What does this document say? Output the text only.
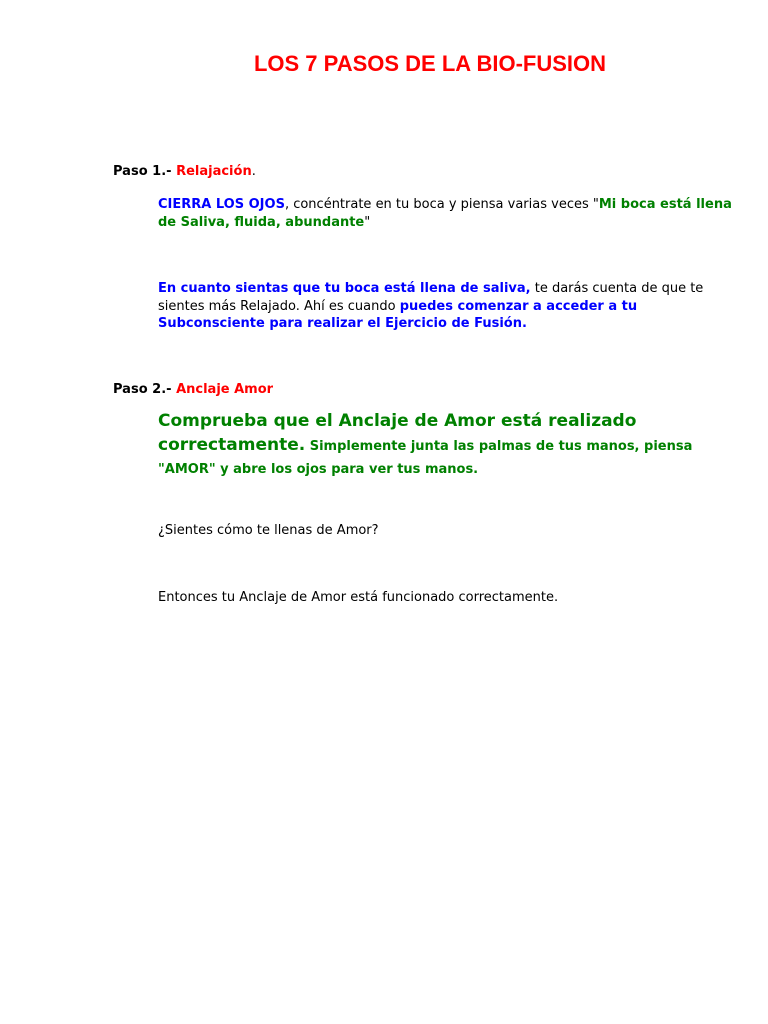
LOS 7 PASOS DE LA BIO-FUSION

Paso 1.- Relajación.

CIERRA LOS OJOS, concéntrate en tu boca y piensa varias veces "Mi boca está llena de Saliva, fluida, abundante"

En cuanto sientas que tu boca está llena de saliva, te darás cuenta de que te sientes más Relajado. Ahí es cuando puedes comenzar a acceder a tu Subconsciente para realizar el Ejercicio de Fusión.

Paso 2.- Anclaje Amor

Comprueba que el Anclaje de Amor está realizado correctamente. Simplemente junta las palmas de tus manos, piensa "AMOR" y abre los ojos para ver tus manos.

¿Sientes cómo te llenas de Amor?

Entonces tu Anclaje de Amor está funcionado correctamente.
